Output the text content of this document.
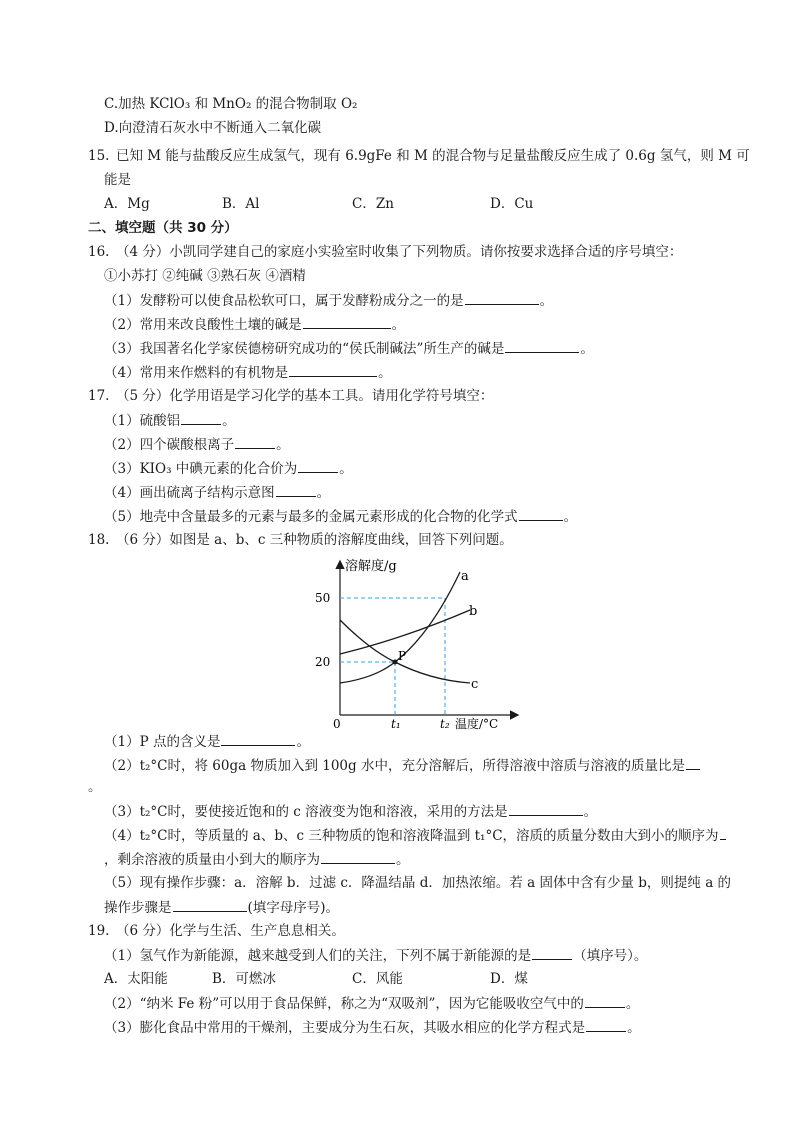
C.加热 KClO₃ 和 MnO₂ 的混合物制取 O₂
D.向澄清石灰水中不断通入二氧化碳
15. 已知 M 能与盐酸反应生成氢气，现有 6.9gFe 和 M 的混合物与足量盐酸反应生成了 0.6g 氢气，则 M 可
能是
A．Mg	B．Al	C．Zn	D．Cu
二、填空题（共 30 分）
16. （4 分）小凯同学建自己的家庭小实验室时收集了下列物质。请你按要求选择合适的序号填空：
①小苏打 ②纯碱 ③熟石灰 ④酒精
（1）发酵粉可以使食品松软可口，属于发酵粉成分之一的是	。
（2）常用来改良酸性土壤的碱是	。
（3）我国著名化学家侯德榜研究成功的“侯氏制碱法”所生产的碱是	。
（4）常用来作燃料的有机物是	。
17. （5 分）化学用语是学习化学的基本工具。请用化学符号填空：
（1）硫酸铝	。
（2）四个碳酸根离子	。
（3）KIO₃ 中碘元素的化合价为	。
（4）画出硫离子结构示意图	。
（5）地壳中含量最多的元素与最多的金属元素形成的化合物的化学式	。
18. （6 分）如图是 a、b、c 三种物质的溶解度曲线，回答下列问题。
溶解度/g
温度/°C
0
20
50
t₁	t₂
P
a
b
c
（1）P 点的含义是	。
（2）t₂°C时，将 60ga 物质加入到 100g 水中，充分溶解后，所得溶液中溶质与溶液的质量比是
。
（3）t₂°C时，要使接近饱和的 c 溶液变为饱和溶液，采用的方法是	。
（4）t₂°C时，等质量的 a、b、c 三种物质的饱和溶液降温到 t₁°C，溶质的质量分数由大到小的顺序为
，剩余溶液的质量由小到大的顺序为	。
（5）现有操作步骤：a．溶解 b．过滤 c．降温结晶 d．加热浓缩。若 a 固体中含有少量 b，则提纯 a 的
操作步骤是	(填字母序号)。
19. （6 分）化学与生活、生产息息相关。
（1）氢气作为新能源，越来越受到人们的关注，下列不属于新能源的是	（填序号）。
A．太阳能	B．可燃冰	C．风能	D．煤
（2）“纳米 Fe 粉”可以用于食品保鲜，称之为“双吸剂”，因为它能吸收空气中的	。
（3）膨化食品中常用的干燥剂，主要成分为生石灰，其吸水相应的化学方程式是	。
